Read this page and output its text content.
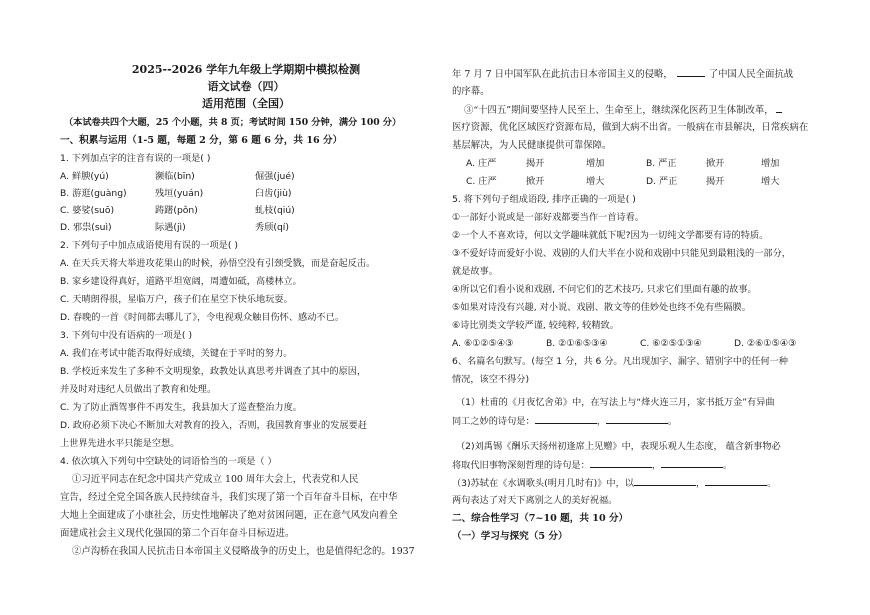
2025--2026 学年九年级上学期期中模拟检测
语文试卷（四）
适用范围（全国）
（本试卷共四个大题，25 个小题，共 8 页；考试时间 150 分钟，满分 100 分）
一、积累与运用（1-5 题，每题 2 分，第 6 题 6 分，共 16 分）
1. 下列加点字的注音有误的一项是( )
A. 鲜腴(yú)	濒临(bīn)	倔强(jué)
B. 游逛(guàng)	残垣(yuán)	臼齿(jiù)
C. 婆娑(suō)	踌躇(pǒn)	虬枝(qiú)
D. 邪祟(suì)	际遇(jì)	秀颀(qí)
2. 下列句子中加点成语使用有误的一项是( )
A. 在天兵天将大举进攻花果山的时候，孙悟空没有引颈受戮，而是奋起反击。
B. 家乡建设得真好，道路平坦宽阔，周遭如砥，高楼林立。
C. 天晴朗得很，星临万户，孩子们在星空下快乐地玩耍。
D. 春晚的一首《时间都去哪儿了》，令电视观众触目伤怀、感动不已。
3. 下列句中没有语病的一项是( )
A. 我们在考试中能否取得好成绩，关键在于平时的努力。
B. 学校近来发生了多种不文明现象，政教处认真思考并调查了其中的原因，
并及时对违纪人员做出了教育和处理。
C. 为了防止酒驾事件不再发生，我县加大了巡查整治力度。
D. 政府必须下决心不断加大对教育的投入，否则，我国教育事业的发展要赶
上世界先进水平只能是空想。
4. 依次填入下列句中空缺处的词语恰当的一项是（ ）
①习近平同志在纪念中国共产党成立 100 周年大会上，代表党和人民
宣告，经过全党全国各族人民持续奋斗，我们实现了第一个百年奋斗目标，在中华
大地上全面建成了小康社会，历史性地解决了绝对贫困问题，正在意气风发向着全
面建成社会主义现代化强国的第二个百年奋斗目标迈进。
②卢沟桥在我国人民抗击日本帝国主义侵略战争的历史上，也是值得纪念的。1937
年 7 月 7 日中国军队在此抗击日本帝国主义的侵略，	了中国人民全面抗战
的序幕。
③“十四五”期间要坚持人民至上、生命至上，继续深化医药卫生体制改革，
医疗资源，优化区域医疗资源布局，做到大病不出省。一般病在市县解决，日常疾病在
基层解决，为人民健康提供可靠保障。
A. 庄严	揭开	增加	B. 严正	掀开	增加
C. 庄严	掀开	增大	D. 严正	揭开	增大
5. 将下列句子组成语段, 排序正确的一项是( )
①一部好小说或是一部好戏都要当作一首诗看。
②一个人不喜欢诗，何以文学趣味就低下呢?因为一切纯文学都要有诗的特质。
③不爱好诗而爱好小说、戏剧的人们大半在小说和戏剧中只能见到最粗浅的一部分，
就是故事。
④所以它们看小说和戏剧, 不问它们的艺术技巧, 只求它们里面有趣的故事。
⑤如果对诗没有兴趣, 对小说、戏剧、散文等的佳妙处也终不免有些隔膜。
⑥诗比别类文学较严谨, 较纯粹, 较精致。
A. ⑥①②⑤④③	B. ②①⑥⑤③④	C. ⑥②⑤①③④	D. ②⑥①⑤④③
6、名篇名句默写。(每空 1 分，共 6 分。凡出现加字、漏字、错别字中的任何一种
情况，该空不得分)
（1）杜甫的《月夜忆舍弟》中，在写法上与“烽火连三月，家书抵万金”有异曲
同工之妙的诗句是：	，	。
（2)刘禹锡《酬乐天扬州初逢席上见赠》中，表现乐观人生态度， 蕴含新事物必
将取代旧事物深刻哲理的诗句是：	，	。
（3)苏轼在《水调歌头(明月几时有)》中，以	，	。
两句表达了对天下离别之人的美好祝福。
二、综合性学习（7~10 题，共 10 分）
（一）学习与探究（5 分）
